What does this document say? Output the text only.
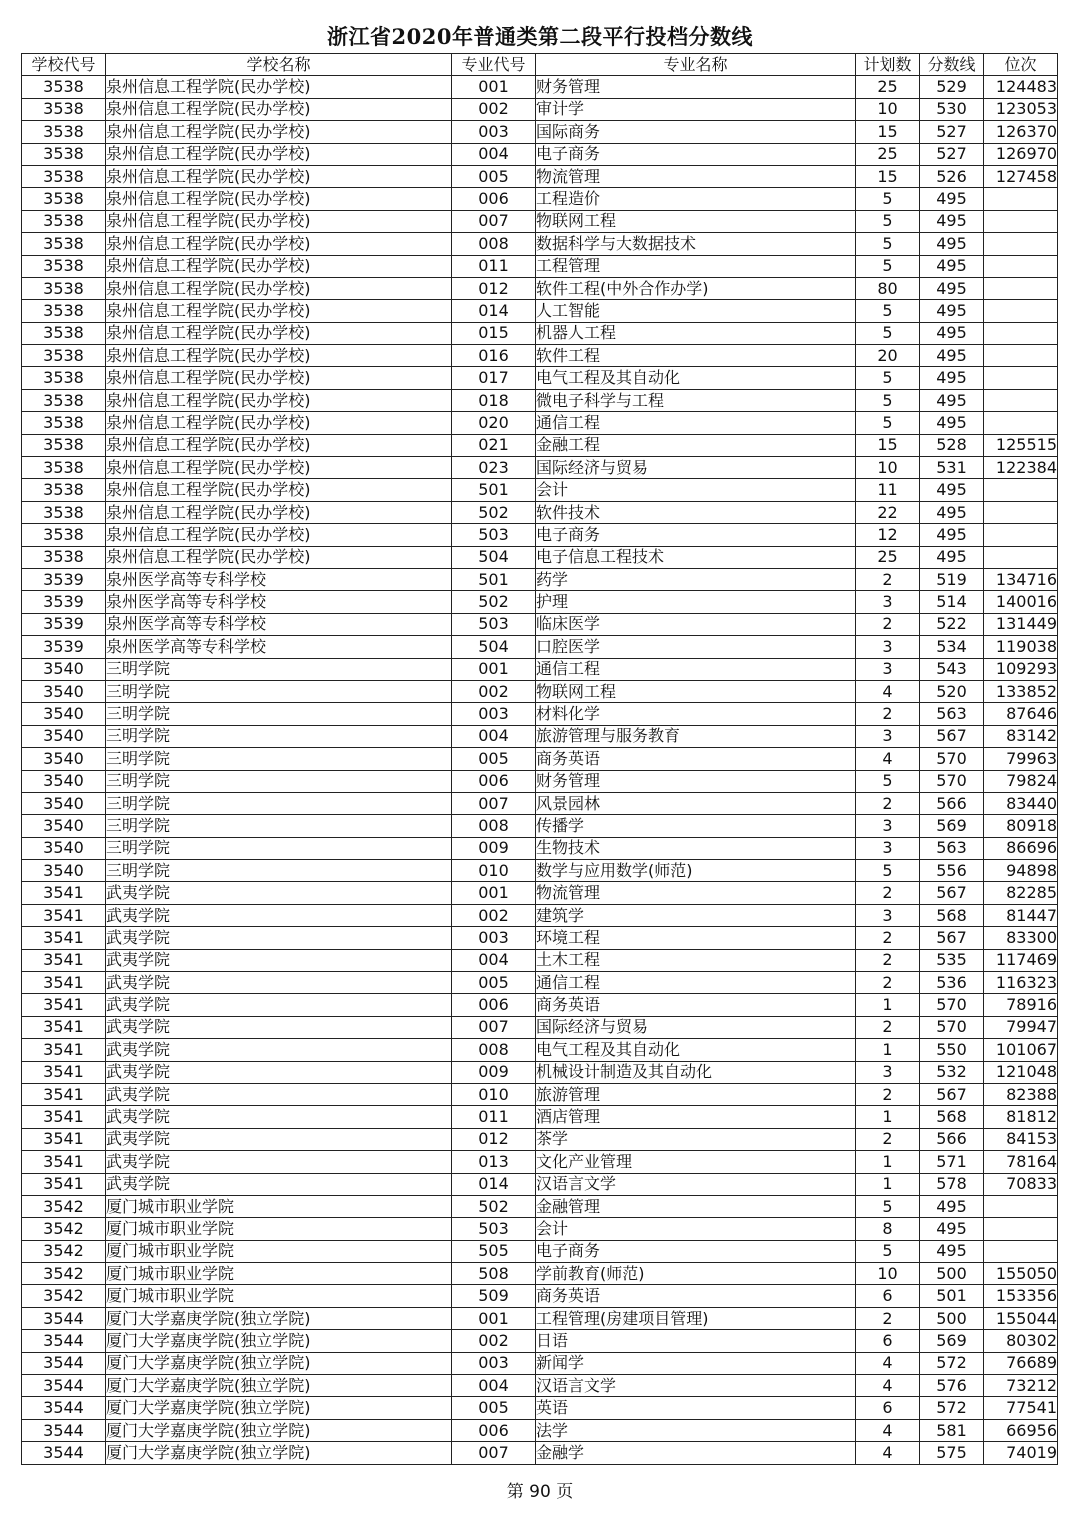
浙江省2020年普通类第二段平行投档分数线
学校代号	学校名称	专业代号	专业名称	计划数	分数线	位次
3538	泉州信息工程学院(民办学校)	001	财务管理	25	529	124483
3538	泉州信息工程学院(民办学校)	002	审计学	10	530	123053
3538	泉州信息工程学院(民办学校)	003	国际商务	15	527	126370
3538	泉州信息工程学院(民办学校)	004	电子商务	25	527	126970
3538	泉州信息工程学院(民办学校)	005	物流管理	15	526	127458
3538	泉州信息工程学院(民办学校)	006	工程造价	5	495	
3538	泉州信息工程学院(民办学校)	007	物联网工程	5	495	
3538	泉州信息工程学院(民办学校)	008	数据科学与大数据技术	5	495	
3538	泉州信息工程学院(民办学校)	011	工程管理	5	495	
3538	泉州信息工程学院(民办学校)	012	软件工程(中外合作办学)	80	495	
3538	泉州信息工程学院(民办学校)	014	人工智能	5	495	
3538	泉州信息工程学院(民办学校)	015	机器人工程	5	495	
3538	泉州信息工程学院(民办学校)	016	软件工程	20	495	
3538	泉州信息工程学院(民办学校)	017	电气工程及其自动化	5	495	
3538	泉州信息工程学院(民办学校)	018	微电子科学与工程	5	495	
3538	泉州信息工程学院(民办学校)	020	通信工程	5	495	
3538	泉州信息工程学院(民办学校)	021	金融工程	15	528	125515
3538	泉州信息工程学院(民办学校)	023	国际经济与贸易	10	531	122384
3538	泉州信息工程学院(民办学校)	501	会计	11	495	
3538	泉州信息工程学院(民办学校)	502	软件技术	22	495	
3538	泉州信息工程学院(民办学校)	503	电子商务	12	495	
3538	泉州信息工程学院(民办学校)	504	电子信息工程技术	25	495	
3539	泉州医学高等专科学校	501	药学	2	519	134716
3539	泉州医学高等专科学校	502	护理	3	514	140016
3539	泉州医学高等专科学校	503	临床医学	2	522	131449
3539	泉州医学高等专科学校	504	口腔医学	3	534	119038
3540	三明学院	001	通信工程	3	543	109293
3540	三明学院	002	物联网工程	4	520	133852
3540	三明学院	003	材料化学	2	563	87646
3540	三明学院	004	旅游管理与服务教育	3	567	83142
3540	三明学院	005	商务英语	4	570	79963
3540	三明学院	006	财务管理	5	570	79824
3540	三明学院	007	风景园林	2	566	83440
3540	三明学院	008	传播学	3	569	80918
3540	三明学院	009	生物技术	3	563	86696
3540	三明学院	010	数学与应用数学(师范)	5	556	94898
3541	武夷学院	001	物流管理	2	567	82285
3541	武夷学院	002	建筑学	3	568	81447
3541	武夷学院	003	环境工程	2	567	83300
3541	武夷学院	004	土木工程	2	535	117469
3541	武夷学院	005	通信工程	2	536	116323
3541	武夷学院	006	商务英语	1	570	78916
3541	武夷学院	007	国际经济与贸易	2	570	79947
3541	武夷学院	008	电气工程及其自动化	1	550	101067
3541	武夷学院	009	机械设计制造及其自动化	3	532	121048
3541	武夷学院	010	旅游管理	2	567	82388
3541	武夷学院	011	酒店管理	1	568	81812
3541	武夷学院	012	茶学	2	566	84153
3541	武夷学院	013	文化产业管理	1	571	78164
3541	武夷学院	014	汉语言文学	1	578	70833
3542	厦门城市职业学院	502	金融管理	5	495	
3542	厦门城市职业学院	503	会计	8	495	
3542	厦门城市职业学院	505	电子商务	5	495	
3542	厦门城市职业学院	508	学前教育(师范)	10	500	155050
3542	厦门城市职业学院	509	商务英语	6	501	153356
3544	厦门大学嘉庚学院(独立学院)	001	工程管理(房建项目管理)	2	500	155044
3544	厦门大学嘉庚学院(独立学院)	002	日语	6	569	80302
3544	厦门大学嘉庚学院(独立学院)	003	新闻学	4	572	76689
3544	厦门大学嘉庚学院(独立学院)	004	汉语言文学	4	576	73212
3544	厦门大学嘉庚学院(独立学院)	005	英语	6	572	77541
3544	厦门大学嘉庚学院(独立学院)	006	法学	4	581	66956
3544	厦门大学嘉庚学院(独立学院)	007	金融学	4	575	74019
第 90 页
